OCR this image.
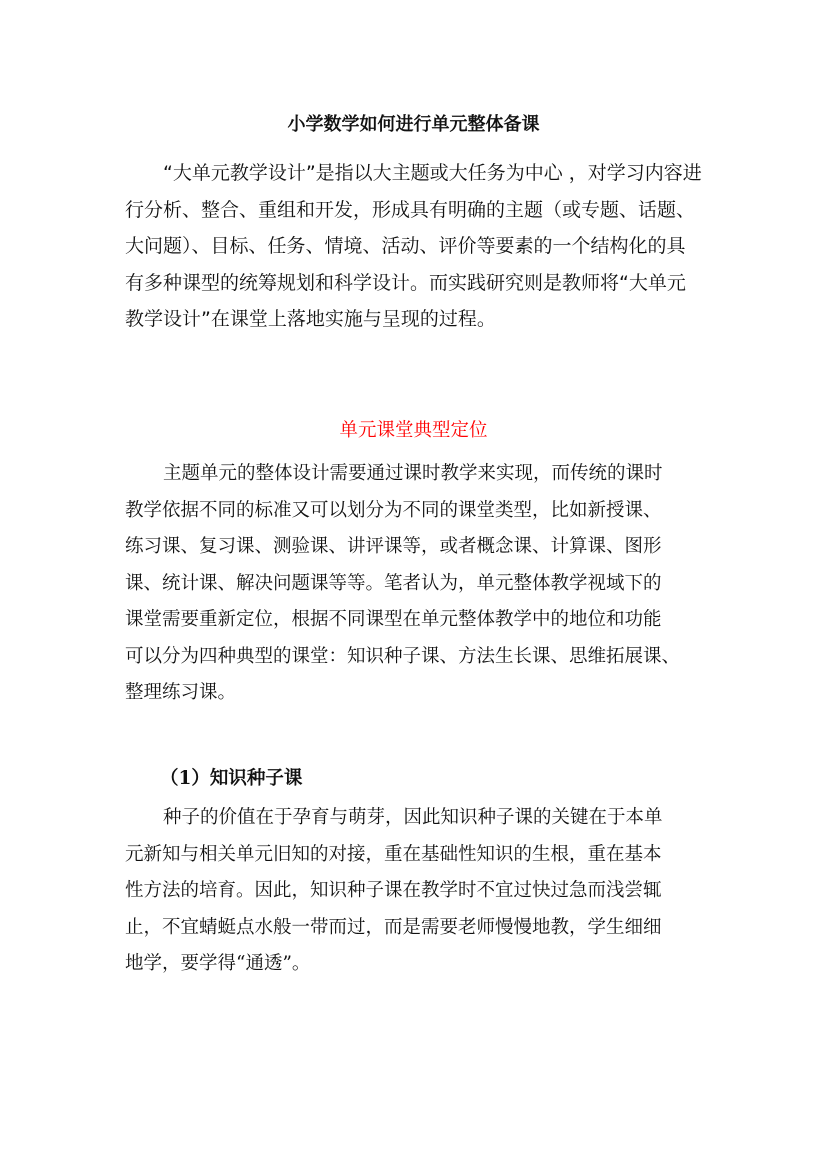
小学数学如何进行单元整体备课
“大单元教学设计”是指以大主题或大任务为中心 ，对学习内容进
行分析、整合、重组和开发，形成具有明确的主题（或专题、话题、
大问题）、目标、任务、情境、活动、评价等要素的一个结构化的具
有多种课型的统筹规划和科学设计。而实践研究则是教师将“大单元
教学设计”在课堂上落地实施与呈现的过程。
单元课堂典型定位
主题单元的整体设计需要通过课时教学来实现，而传统的课时
教学依据不同的标准又可以划分为不同的课堂类型，比如新授课、
练习课、复习课、测验课、讲评课等，或者概念课、计算课、图形
课、统计课、解决问题课等等。笔者认为，单元整体教学视域下的
课堂需要重新定位，根据不同课型在单元整体教学中的地位和功能
可以分为四种典型的课堂：知识种子课、方法生长课、思维拓展课、
整理练习课。
（1）知识种子课
种子的价值在于孕育与萌芽，因此知识种子课的关键在于本单
元新知与相关单元旧知的对接，重在基础性知识的生根，重在基本
性方法的培育。因此，知识种子课在教学时不宜过快过急而浅尝辄
止，不宜蜻蜓点水般一带而过，而是需要老师慢慢地教，学生细细
地学，要学得“通透”。
